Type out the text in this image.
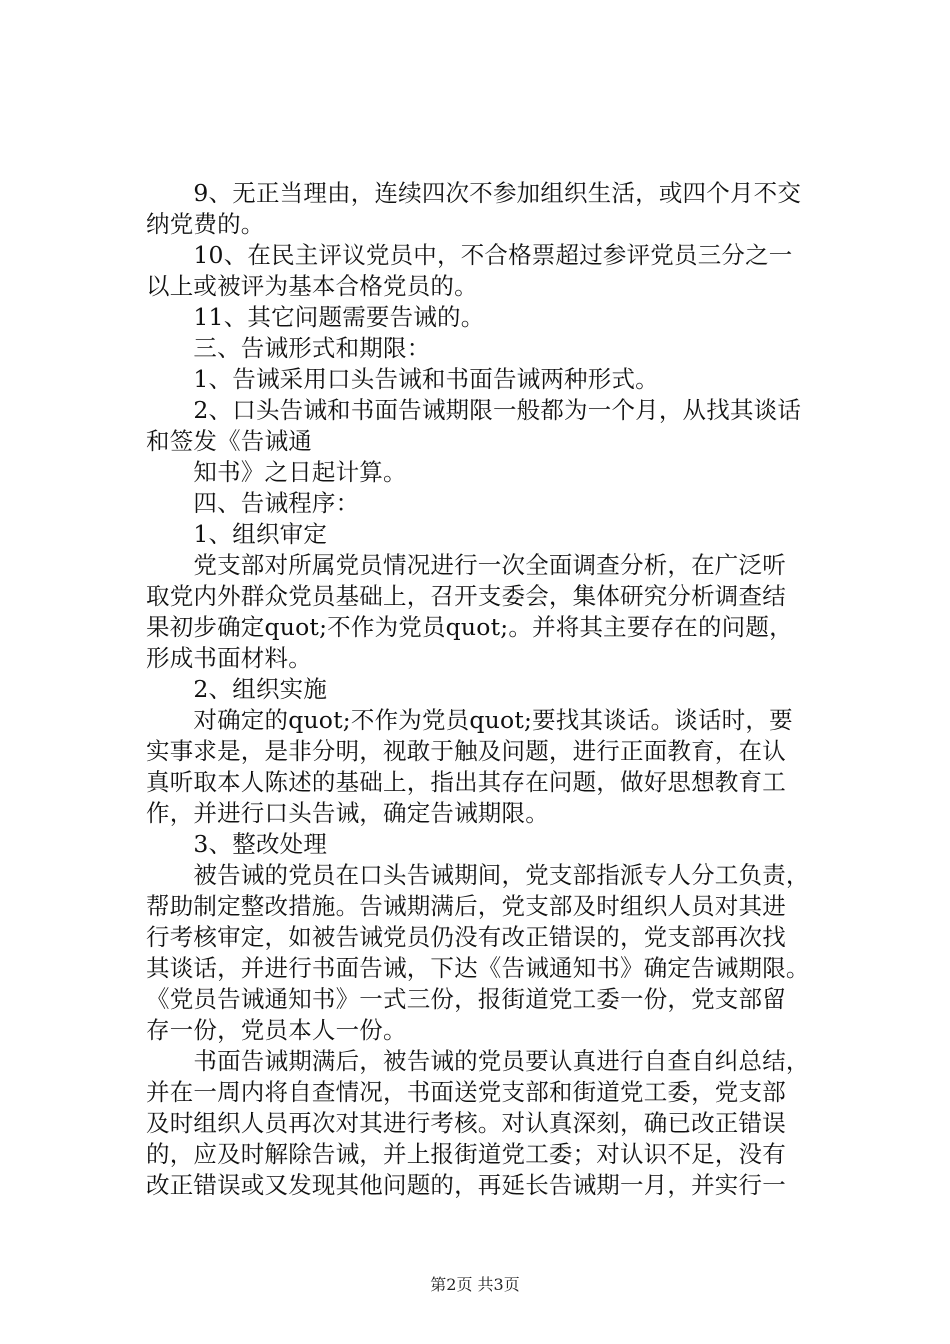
　　9、无正当理由，连续四次不参加组织生活，或四个月不交
纳党费的。
　　10、在民主评议党员中，不合格票超过参评党员三分之一
以上或被评为基本合格党员的。
　　11、其它问题需要告诫的。
　　三、告诫形式和期限：
　　1、告诫采用口头告诫和书面告诫两种形式。
　　2、口头告诫和书面告诫期限一般都为一个月，从找其谈话
和签发《告诫通
　　知书》之日起计算。
　　四、告诫程序：
　　1、组织审定
　　党支部对所属党员情况进行一次全面调查分析，在广泛听
取党内外群众党员基础上，召开支委会，集体研究分析调查结
果初步确定quot;不作为党员quot;。并将其主要存在的问题，
形成书面材料。
　　2、组织实施
　　对确定的quot;不作为党员quot;要找其谈话。谈话时，要
实事求是，是非分明，视敢于触及问题，进行正面教育，在认
真听取本人陈述的基础上，指出其存在问题，做好思想教育工
作，并进行口头告诫，确定告诫期限。
　　3、整改处理
　　被告诫的党员在口头告诫期间，党支部指派专人分工负责，
帮助制定整改措施。告诫期满后，党支部及时组织人员对其进
行考核审定，如被告诫党员仍没有改正错误的，党支部再次找
其谈话，并进行书面告诫，下达《告诫通知书》确定告诫期限。
《党员告诫通知书》一式三份，报街道党工委一份，党支部留
存一份，党员本人一份。
　　书面告诫期满后，被告诫的党员要认真进行自查自纠总结，
并在一周内将自查情况，书面送党支部和街道党工委，党支部
及时组织人员再次对其进行考核。对认真深刻，确已改正错误
的，应及时解除告诫，并上报街道党工委；对认识不足，没有
改正错误或又发现其他问题的，再延长告诫期一月，并实行一
第2页 共3页
